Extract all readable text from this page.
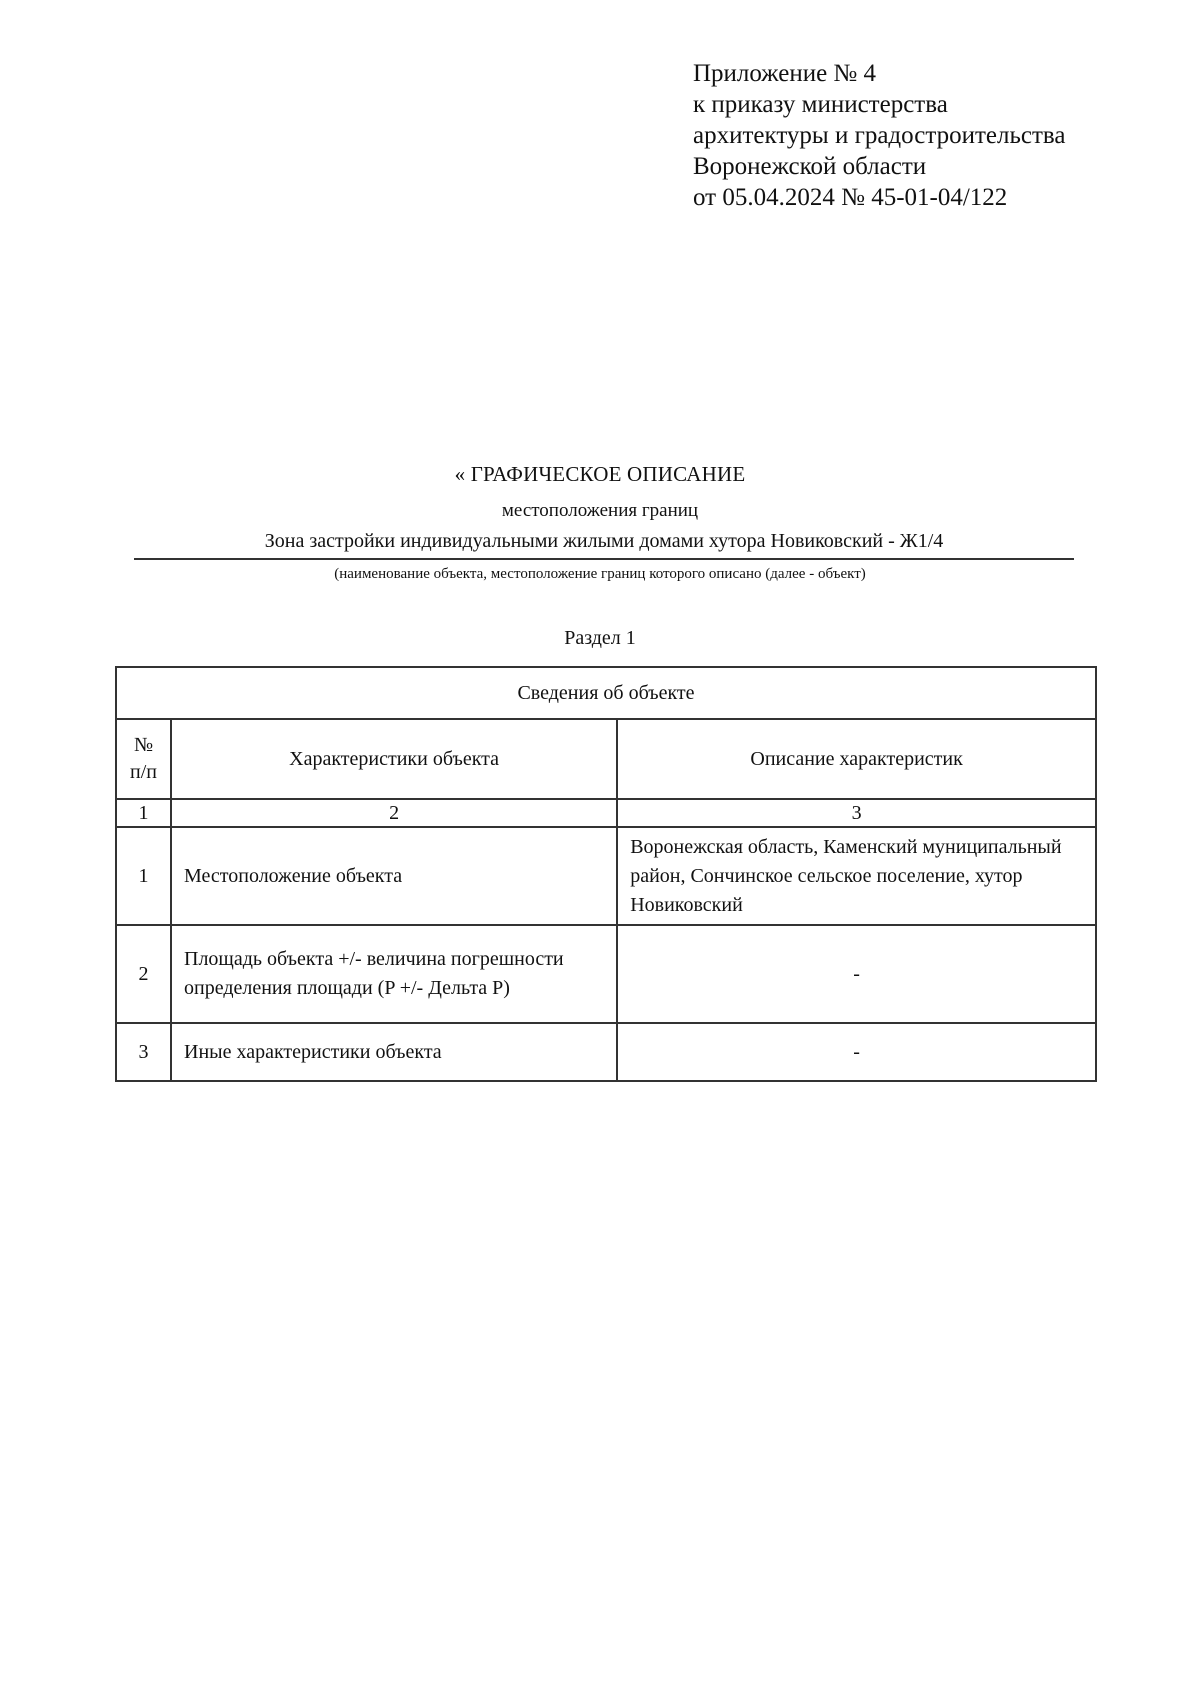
Приложение № 4
к приказу министерства
архитектуры и градостроительства
Воронежской области
от 05.04.2024 № 45-01-04/122
« ГРАФИЧЕСКОЕ ОПИСАНИЕ
местоположения границ
Зона застройки индивидуальными жилыми домами хутора Новиковский - Ж1/4
(наименование объекта, местоположение границ которого описано (далее - объект)
Раздел 1
Сведения об объекте		
№ п/п	Характеристики объекта	Описание характеристик
1	2	3
1	Местоположение объекта	Воронежская область, Каменский муниципальный район, Сончинское сельское поселение, хутор Новиковский
2	Площадь объекта +/- величина погрешности определения площади (P +/- Дельта P)	-
3	Иные характеристики объекта	-
